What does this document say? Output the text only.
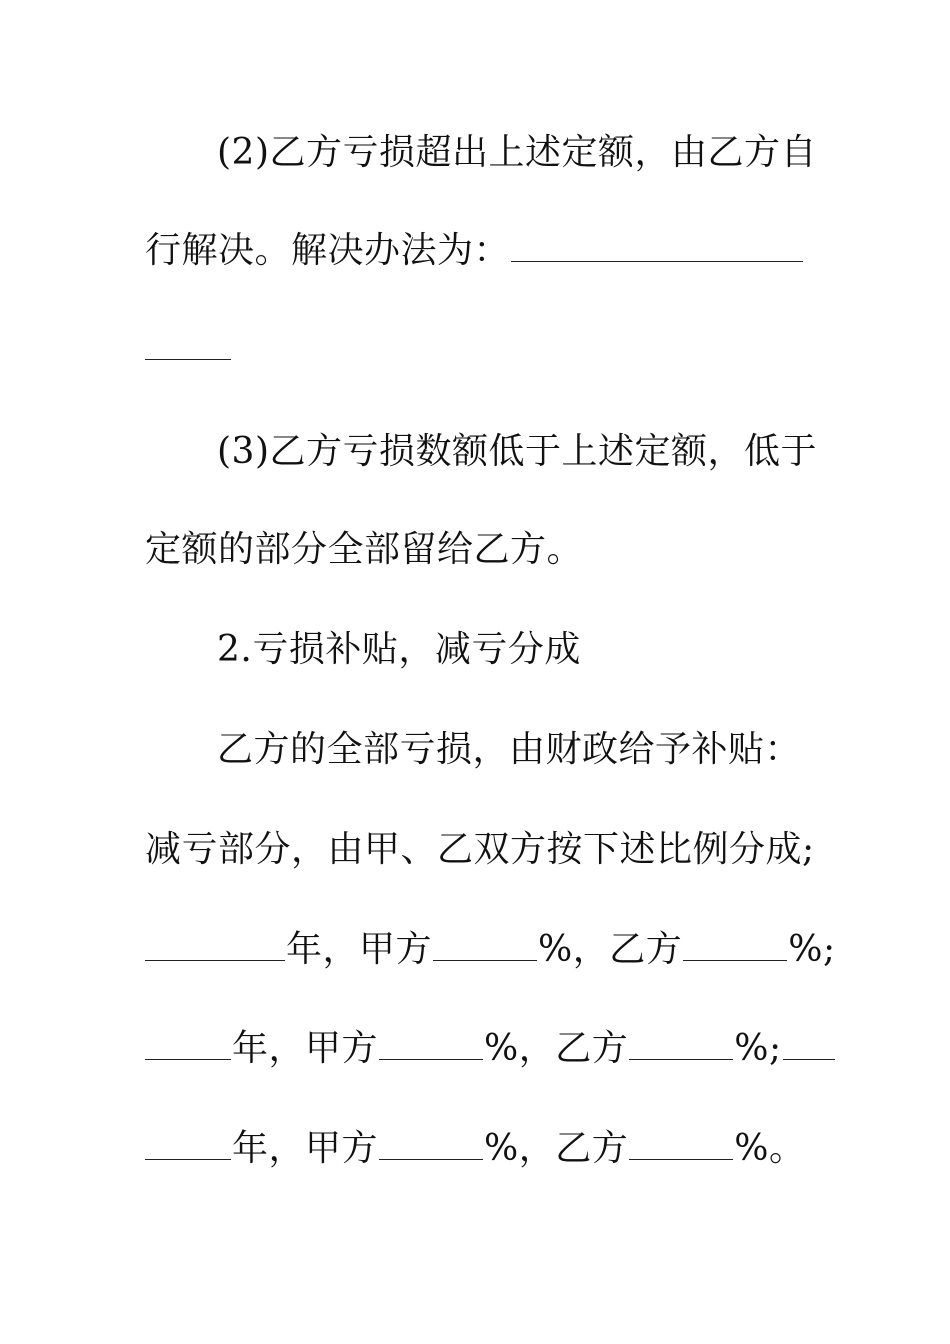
(2)乙方亏损超出上述定额，由乙方自
行解决。解决办法为：
(3)乙方亏损数额低于上述定额，低于
定额的部分全部留给乙方。
2.亏损补贴，减亏分成
乙方的全部亏损，由财政给予补贴：
减亏部分，由甲、乙双方按下述比例分成;
年，甲方	%，乙方	%;
年，甲方	%，乙方	%;
年，甲方	%，乙方	%。
